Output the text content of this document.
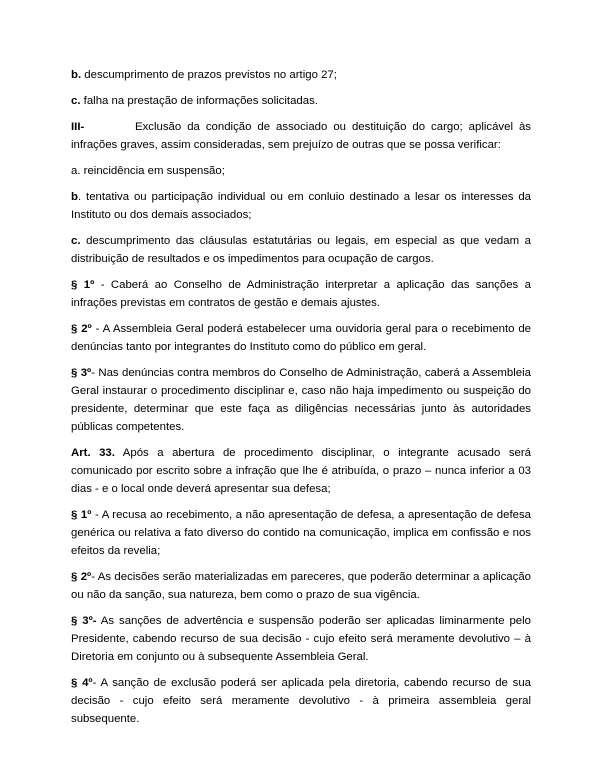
b. descumprimento de prazos previstos no artigo 27;

c. falha na prestação de informações solicitadas.

III-	Exclusão da condição de associado ou destituição do cargo; aplicável às infrações graves, assim consideradas, sem prejuízo de outras que se possa verificar:

a. reincidência em suspensão;

b. tentativa ou participação individual ou em conluio destinado a lesar os interesses da Instituto ou dos demais associados;

c. descumprimento das cláusulas estatutárias ou legais, em especial as que vedam a distribuição de resultados e os impedimentos para ocupação de cargos.

§ 1º - Caberá ao Conselho de Administração interpretar a aplicação das sanções a infrações previstas em contratos de gestão e demais ajustes.

§ 2º - A Assembleia Geral poderá estabelecer uma ouvidoria geral para o recebimento de denúncias tanto por integrantes do Instituto como do público em geral.

§ 3º- Nas denúncias contra membros do Conselho de Administração, caberá a Assembleia Geral instaurar o procedimento disciplinar e, caso não haja impedimento ou suspeição do presidente, determinar que este faça as diligências necessárias junto às autoridades públicas competentes.

Art. 33. Após a abertura de procedimento disciplinar, o integrante acusado será comunicado por escrito sobre a infração que lhe é atribuída, o prazo – nunca inferior a 03 dias - e o local onde deverá apresentar sua defesa;

§ 1º - A recusa ao recebimento, a não apresentação de defesa, a apresentação de defesa genérica ou relativa a fato diverso do contido na comunicação, implica em confissão e nos efeitos da revelia;

§ 2º- As decisões serão materializadas em pareceres, que poderão determinar a aplicação ou não da sanção, sua natureza, bem como o prazo de sua vigência.

§ 3º- As sanções de advertência e suspensão poderão ser aplicadas liminarmente pelo Presidente, cabendo recurso de sua decisão - cujo efeito será meramente devolutivo – à Diretoria em conjunto ou à subsequente Assembleia Geral.

§ 4º- A sanção de exclusão poderá ser aplicada pela diretoria, cabendo recurso de sua decisão - cujo efeito será meramente devolutivo - à primeira assembleia geral subsequente.
